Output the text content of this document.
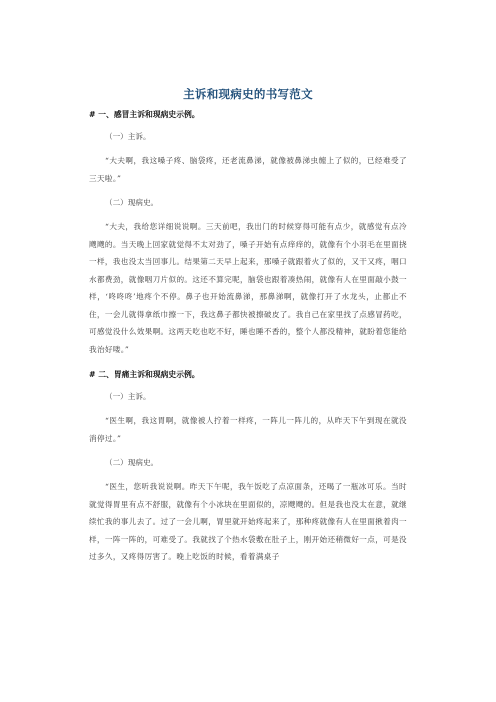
主诉和现病史的书写范文
# 一、感冒主诉和现病史示例。
（一）主诉。
“大夫啊，我这嗓子疼、脑袋疼，还老流鼻涕，就像被鼻涕虫缠上了似的，已经难受了三天啦。”
（二）现病史。
“大夫，我给您详细说说啊。三天前吧，我出门的时候穿得可能有点少，就感觉有点冷飕飕的。当天晚上回家就觉得不太对劲了，嗓子开始有点痒痒的，就像有个小羽毛在里面挠一样，我也没太当回事儿。结果第二天早上起来，那嗓子就跟着火了似的，又干又疼，咽口水都费劲，就像咽刀片似的。这还不算完呢，脑袋也跟着凑热闹，就像有人在里面敲小鼓一样，‘咚咚咚’地疼个不停。鼻子也开始流鼻涕，那鼻涕啊，就像打开了水龙头，止都止不住，一会儿就得拿纸巾擦一下，我这鼻子都快被擦破皮了。我自己在家里找了点感冒药吃，可感觉没什么效果啊。这两天吃也吃不好，睡也睡不香的，整个人都没精神，就盼着您能给我治好喽。”
# 二、胃痛主诉和现病史示例。
（一）主诉。
“医生啊，我这胃啊，就像被人拧着一样疼，一阵儿一阵儿的，从昨天下午到现在就没消停过。”
（二）现病史。
“医生，您听我说说啊。昨天下午呢，我午饭吃了点凉面条，还喝了一瓶冰可乐。当时就觉得胃里有点不舒服，就像有个小冰块在里面似的，凉飕飕的。但是我也没太在意，就继续忙我的事儿去了。过了一会儿啊，胃里就开始疼起来了，那种疼就像有人在里面揪着肉一样，一阵一阵的，可难受了。我就找了个热水袋敷在肚子上，刚开始还稍微好一点，可是没过多久，又疼得厉害了。晚上吃饭的时候，看着满桌子
